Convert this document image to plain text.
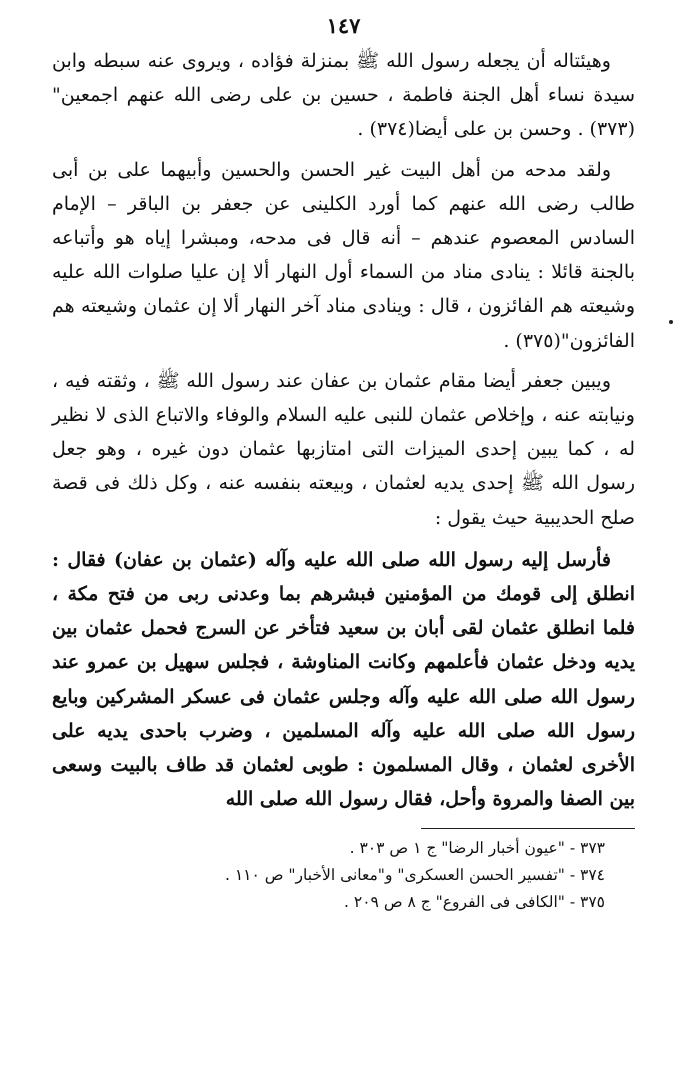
١٤٧

وهيئتاله أن يجعله رسول الله ﷺ بمنزلة فؤاده ، ويروى عنه سبطه وابن سيدة نساء أهل الجنة فاطمة ، حسين بن على رضى الله عنهم اجمعين"(٣٧٣) . وحسن بن على أيضا(٣٧٤) .

ولقد مدحه من أهل البيت غير الحسن والحسين وأبيهما على بن أبى طالب رضى الله عنهم كما أورد الكلينى عن جعفر بن الباقر – الإمام السادس المعصوم عندهم – أنه قال فى مدحه، ومبشرا إياه هو وأتباعه بالجنة قائلا : ينادى مناد من السماء أول النهار ألا إن عليا صلوات الله عليه وشيعته هم الفائزون ، قال : وينادى مناد آخر النهار ألا إن عثمان وشيعته هم الفائزون"(٣٧٥) .

ويبين جعفر أيضا مقام عثمان بن عفان عند رسول الله ﷺ ، وثقته فيه ، ونيابته عنه ، وإخلاص عثمان للنبى عليه السلام والوفاء والاتباع الذى لا نظير له ، كما يبين إحدى الميزات التى امتازبها عثمان دون غيره ، وهو جعل رسول الله ﷺ إحدى يديه لعثمان ، وبيعته بنفسه عنه ، وكل ذلك فى قصة صلح الحديبية حيث يقول :

فأرسل إليه رسول الله صلى الله عليه وآله (عثمان بن عفان) فقال : انطلق إلى قومك من المؤمنين فبشرهم بما وعدنى ربى من فتح مكة ، فلما انطلق عثمان لقى أبان بن سعيد فتأخر عن السرج فحمل عثمان بين يديه ودخل عثمان فأعلمهم وكانت المناوشة ، فجلس سهيل بن عمرو عند رسول الله صلى الله عليه وآله وجلس عثمان فى عسكر المشركين وبايع رسول الله صلى الله عليه وآله المسلمين ، وضرب باحدى يديه على الأخرى لعثمان ، وقال المسلمون : طوبى لعثمان قد طاف بالبيت وسعى بين الصفا والمروة وأحل، فقال رسول الله صلى الله

٣٧٣ - "عيون أخبار الرضا" ج ١ ص ٣٠٣ .

٣٧٤ - "تفسير الحسن العسكرى" و"معانى الأخبار" ص ١١٠ .

٣٧٥ - "الكافى فى الفروع" ج ٨ ص ٢٠٩ .
